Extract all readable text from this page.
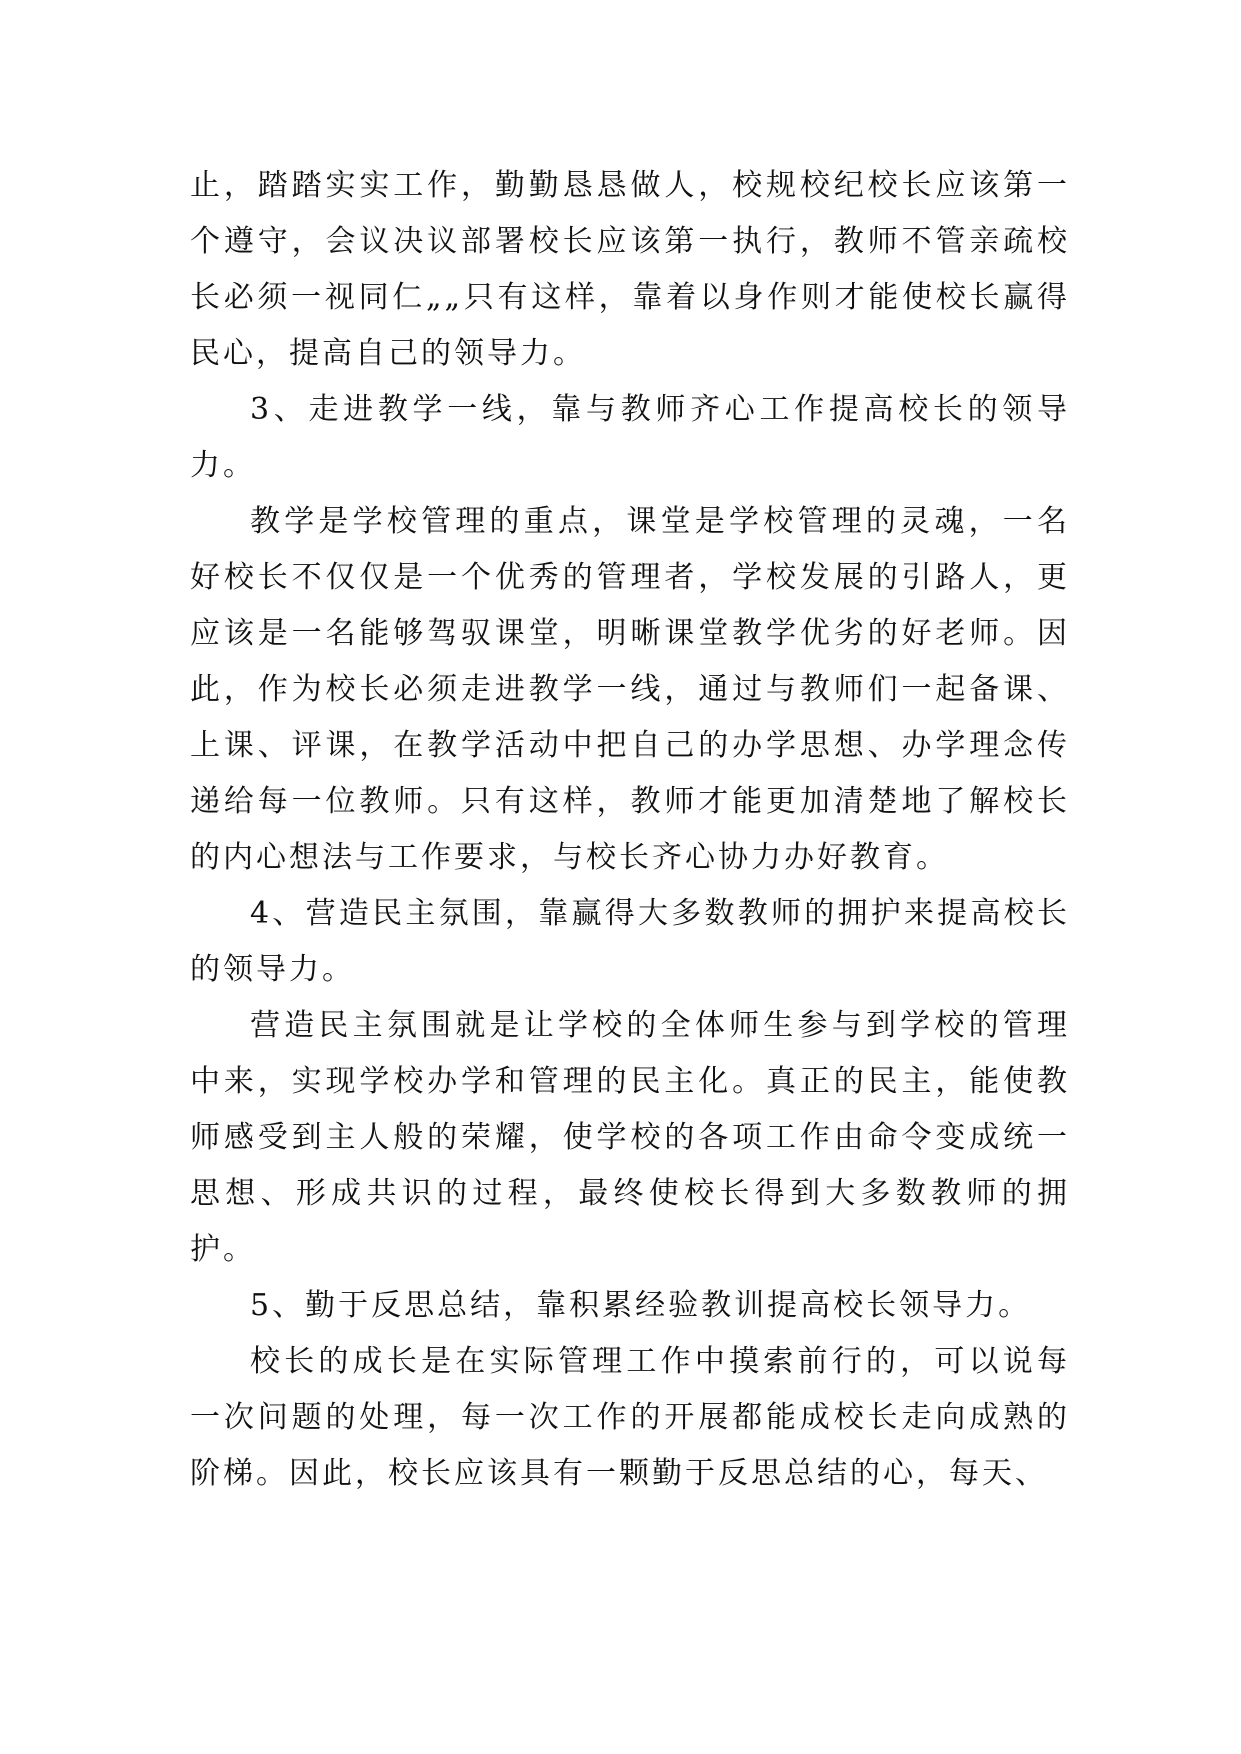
止，踏踏实实工作，勤勤恳恳做人，校规校纪校长应该第一个遵守，会议决议部署校长应该第一执行，教师不管亲疏校长必须一视同仁„„只有这样，靠着以身作则才能使校长赢得民心，提高自己的领导力。

3、走进教学一线，靠与教师齐心工作提高校长的领导力。

教学是学校管理的重点，课堂是学校管理的灵魂，一名好校长不仅仅是一个优秀的管理者，学校发展的引路人，更应该是一名能够驾驭课堂，明晰课堂教学优劣的好老师。因此，作为校长必须走进教学一线，通过与教师们一起备课、上课、评课，在教学活动中把自己的办学思想、办学理念传递给每一位教师。只有这样，教师才能更加清楚地了解校长的内心想法与工作要求，与校长齐心协力办好教育。

4、营造民主氛围，靠赢得大多数教师的拥护来提高校长的领导力。

营造民主氛围就是让学校的全体师生参与到学校的管理中来，实现学校办学和管理的民主化。真正的民主，能使教师感受到主人般的荣耀，使学校的各项工作由命令变成统一思想、形成共识的过程，最终使校长得到大多数教师的拥护。

5、勤于反思总结，靠积累经验教训提高校长领导力。

校长的成长是在实际管理工作中摸索前行的，可以说每一次问题的处理，每一次工作的开展都能成校长走向成熟的阶梯。因此，校长应该具有一颗勤于反思总结的心，每天、
